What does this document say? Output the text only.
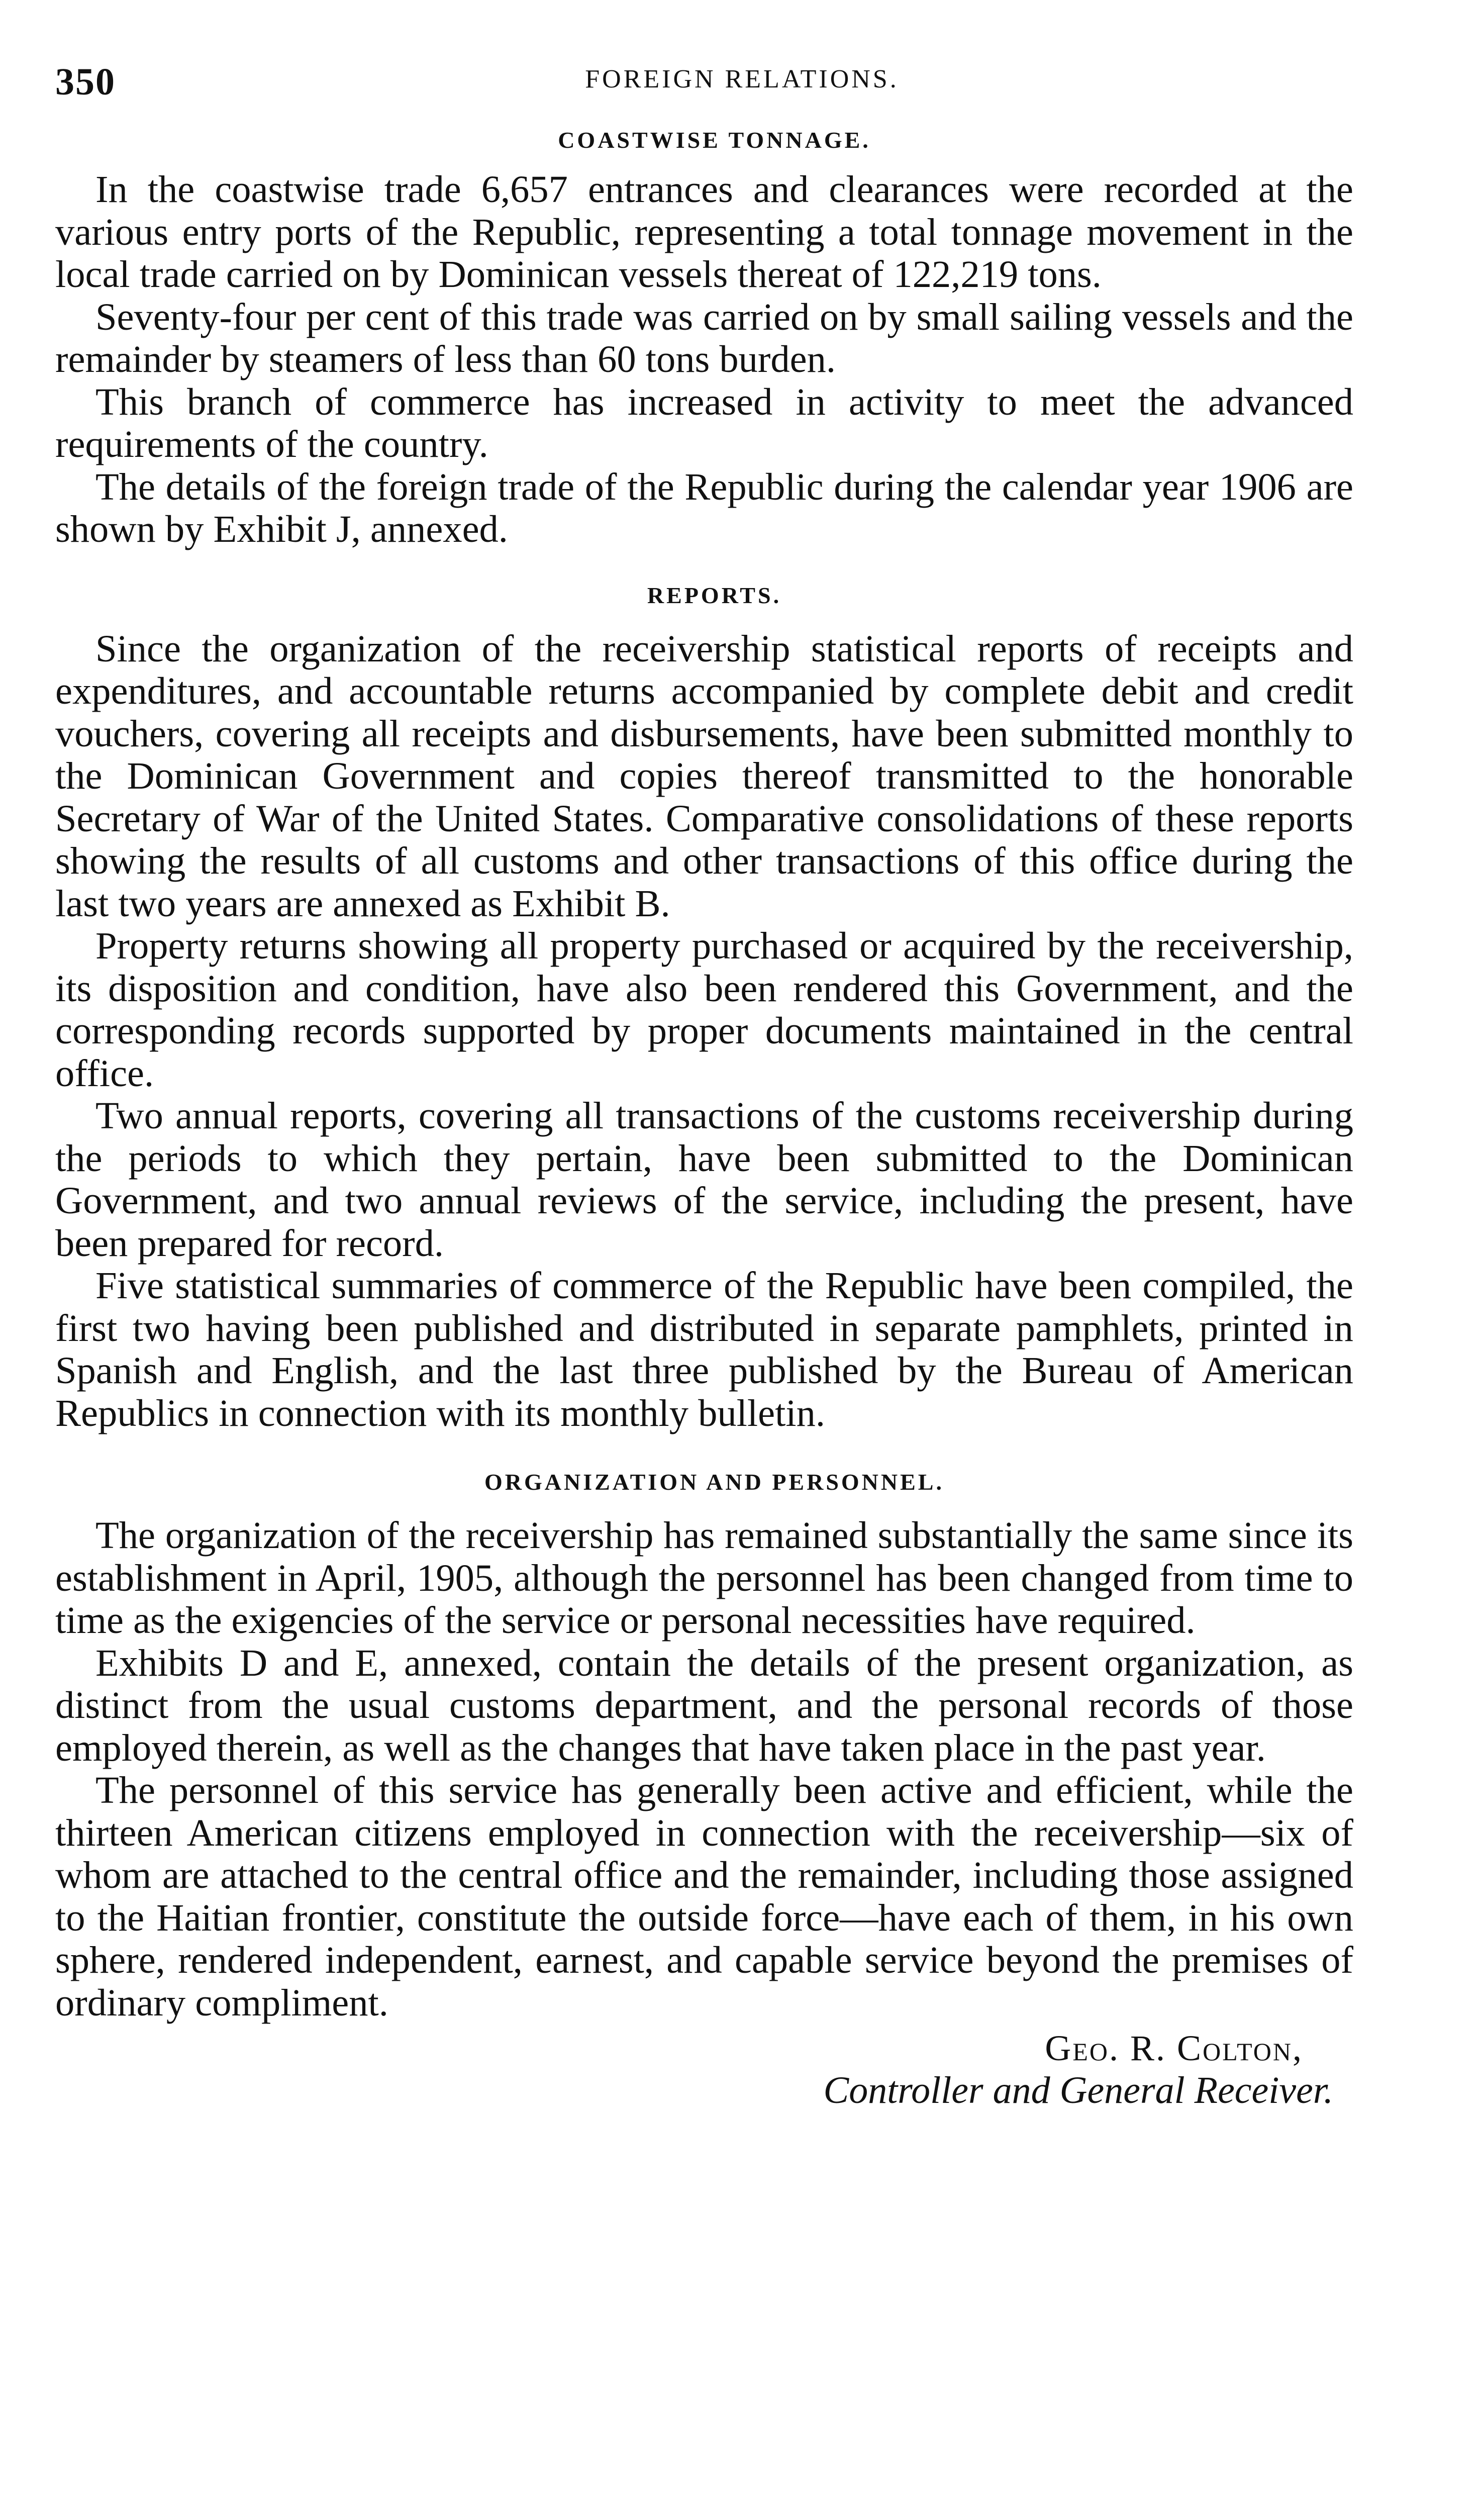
350	FOREIGN RELATIONS.
COASTWISE TONNAGE.

In the coastwise trade 6,657 entrances and clearances were recorded at the various entry ports of the Republic, representing a total tonnage movement in the local trade carried on by Dominican vessels thereat of 122,219 tons.

Seventy-four per cent of this trade was carried on by small sailing vessels and the remainder by steamers of less than 60 tons burden.

This branch of commerce has increased in activity to meet the advanced requirements of the country.

The details of the foreign trade of the Republic during the calendar year 1906 are shown by Exhibit J, annexed.

REPORTS.

Since the organization of the receivership statistical reports of receipts and expenditures, and accountable returns accompanied by complete debit and credit vouchers, covering all receipts and disbursements, have been submitted monthly to the Dominican Government and copies thereof transmitted to the honorable Secretary of War of the United States. Comparative consolidations of these reports showing the results of all customs and other transactions of this office during the last two years are annexed as Exhibit B.

Property returns showing all property purchased or acquired by the receivership, its disposition and condition, have also been rendered this Government, and the corresponding records supported by proper documents maintained in the central office.

Two annual reports, covering all transactions of the customs receivership during the periods to which they pertain, have been submitted to the Dominican Government, and two annual reviews of the service, including the present, have been prepared for record.

Five statistical summaries of commerce of the Republic have been compiled, the first two having been published and distributed in separate pamphlets, printed in Spanish and English, and the last three published by the Bureau of American Republics in connection with its monthly bulletin.

ORGANIZATION AND PERSONNEL.

The organization of the receivership has remained substantially the same since its establishment in April, 1905, although the personnel has been changed from time to time as the exigencies of the service or personal necessities have required.

Exhibits D and E, annexed, contain the details of the present organization, as distinct from the usual customs department, and the personal records of those employed therein, as well as the changes that have taken place in the past year.

The personnel of this service has generally been active and efficient, while the thirteen American citizens employed in connection with the receivership—six of whom are attached to the central office and the remainder, including those assigned to the Haitian frontier, constitute the outside force—have each of them, in his own sphere, rendered independent, earnest, and capable service beyond the premises of ordinary compliment.

Geo. R. Colton,
Controller and General Receiver.
